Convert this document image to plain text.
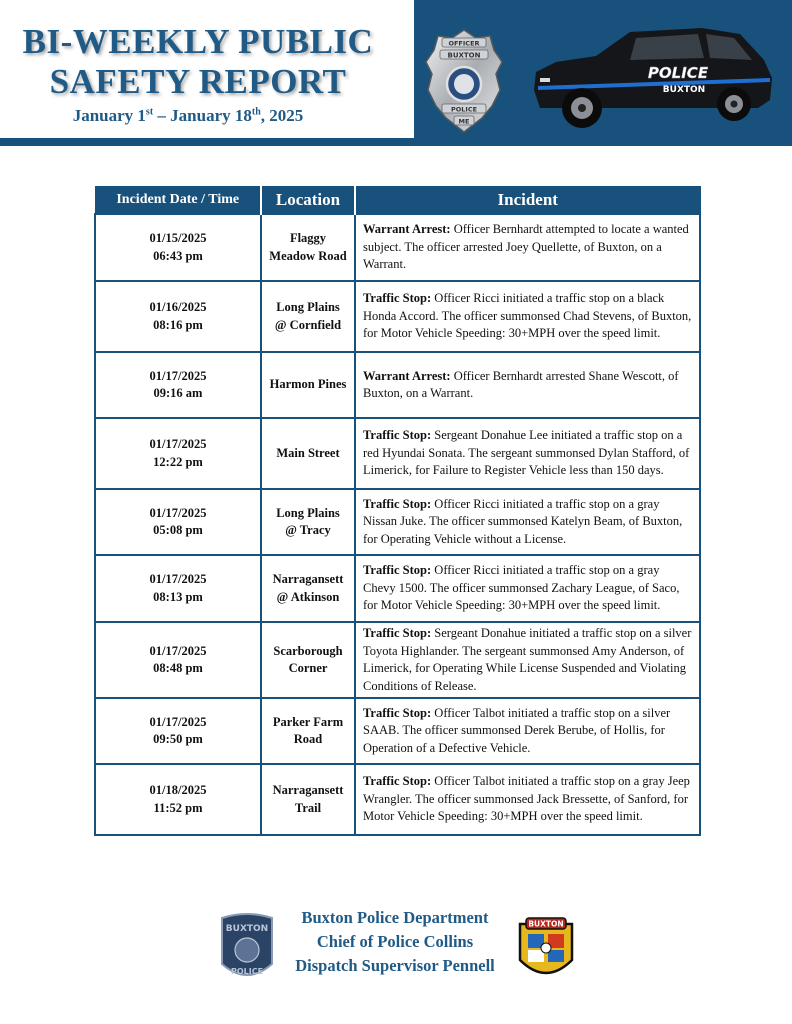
BI-WEEKLY PUBLIC
SAFETY REPORT
January 1st – January 18th, 2025
OFFICER
BUXTON
POLICE
ME
POLICE
BUXTON
Incident Date / Time	Location	Incident

01/15/2025
06:43 pm	Flaggy Meadow Road	Warrant Arrest: Officer Bernhardt attempted to locate a wanted subject. The officer arrested Joey Quellette, of Buxton, on a Warrant.

01/16/2025
08:16 pm	Long Plains @ Cornfield	Traffic Stop: Officer Ricci initiated a traffic stop on a black Honda Accord. The officer summonsed Chad Stevens, of Buxton, for Motor Vehicle Speeding: 30+MPH over the speed limit.

01/17/2025
09:16 am	Harmon Pines	Warrant Arrest: Officer Bernhardt arrested Shane Wescott, of Buxton, on a Warrant.

01/17/2025
12:22 pm	Main Street	Traffic Stop: Sergeant Donahue Lee initiated a traffic stop on a red Hyundai Sonata. The sergeant summonsed Dylan Stafford, of Limerick, for Failure to Register Vehicle less than 150 days.

01/17/2025
05:08 pm	Long Plains @ Tracy	Traffic Stop: Officer Ricci initiated a traffic stop on a gray Nissan Juke. The officer summonsed Katelyn Beam, of Buxton, for Operating Vehicle without a License.

01/17/2025
08:13 pm	Narragansett @ Atkinson	Traffic Stop: Officer Ricci initiated a traffic stop on a gray Chevy 1500. The officer summonsed Zachary League, of Saco, for Motor Vehicle Speeding: 30+MPH over the speed limit.

01/17/2025
08:48 pm	Scarborough Corner	Traffic Stop: Sergeant Donahue initiated a traffic stop on a silver Toyota Highlander. The sergeant summonsed Amy Anderson, of Limerick, for Operating While License Suspended and Violating Conditions of Release.

01/17/2025
09:50 pm	Parker Farm Road	Traffic Stop: Officer Talbot initiated a traffic stop on a silver SAAB. The officer summonsed Derek Berube, of Hollis, for Operation of a Defective Vehicle.

01/18/2025
11:52 pm	Narragansett Trail	Traffic Stop: Officer Talbot initiated a traffic stop on a gray Jeep Wrangler. The officer summonsed Jack Bressette, of Sanford, for Motor Vehicle Speeding: 30+MPH over the speed limit.
BUXTON
POLICE
Buxton Police Department
Chief of Police Collins
Dispatch Supervisor Pennell
BUXTON
